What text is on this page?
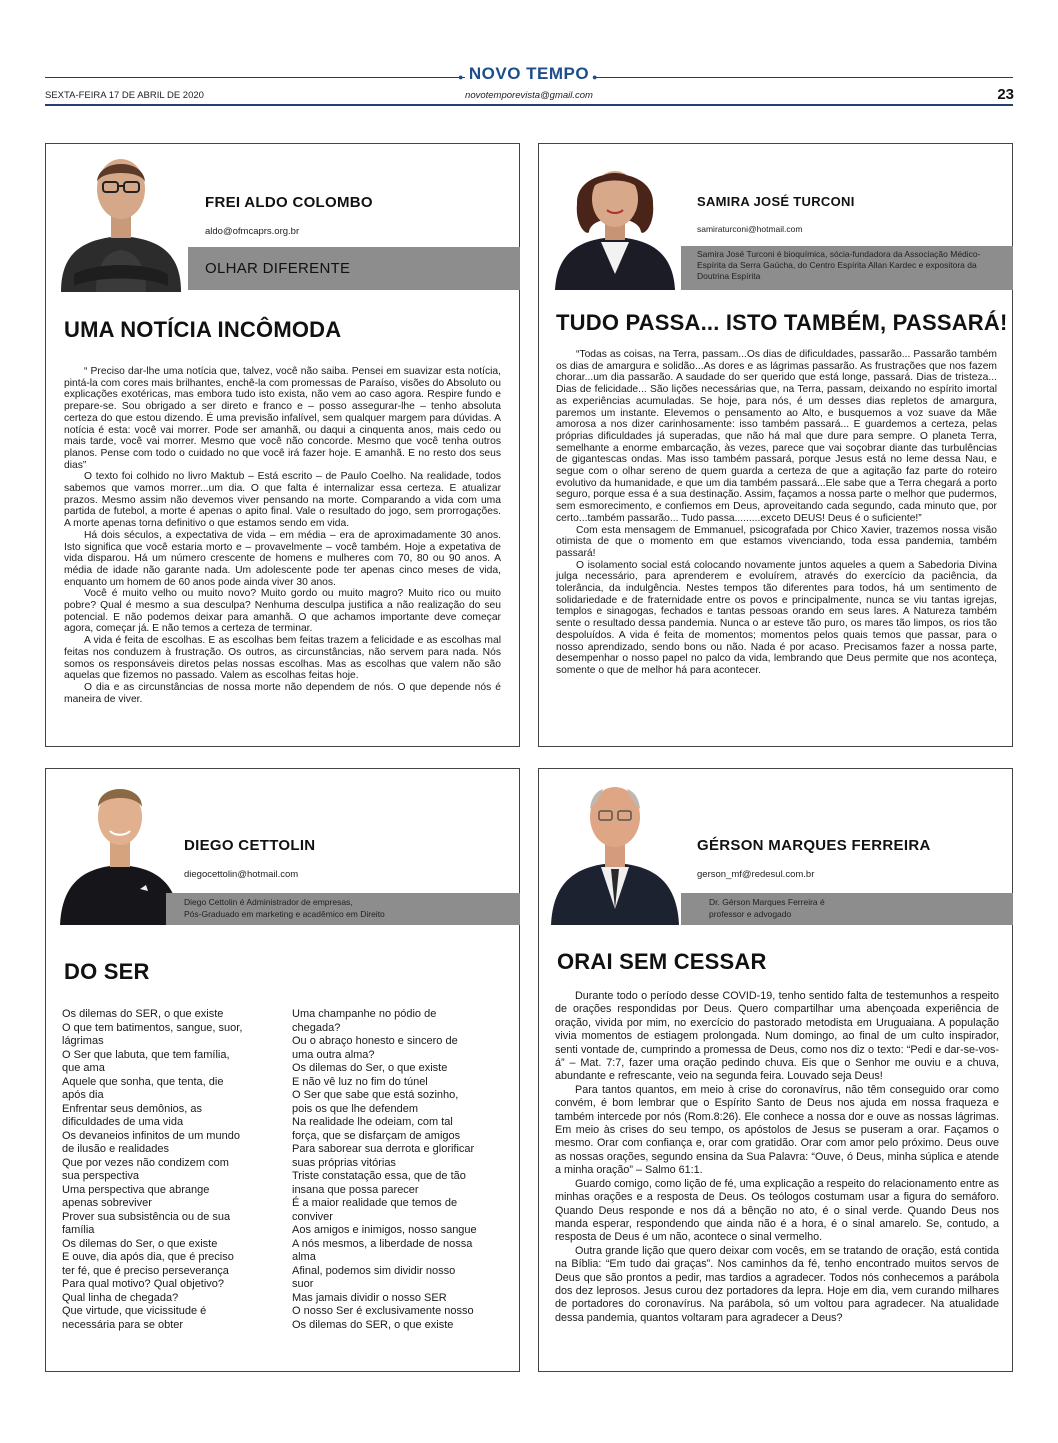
●	●
NOVO TEMPO
SEXTA-FEIRA 17 DE ABRIL DE 2020	novotemporevista@gmail.com	23
FREI ALDO COLOMBO
aldo@ofmcaprs.org.br
OLHAR DIFERENTE
UMA NOTÍCIA INCÔMODA

“ Preciso dar-lhe uma notícia que, talvez, você não saiba. Pensei em suavizar esta notícia, pintá-la com cores mais brilhantes, enchê-la com promessas de Paraíso, visões do Absoluto ou explicações exotéricas, mas embora tudo isto exista, não vem ao caso agora. Respire fundo e prepare-se. Sou obrigado a ser direto e franco e – posso assegurar-lhe – tenho absoluta certeza do que estou dizendo. É uma previsão infalível, sem qualquer margem para dúvidas. A notícia é esta: você vai morrer. Pode ser amanhã, ou daqui a cinquenta anos, mais cedo ou mais tarde, você vai morrer. Mesmo que você não concorde. Mesmo que você tenha outros planos. Pense com todo o cuidado no que você irá fazer hoje. E amanhã. E no resto dos seus dias”

O texto foi colhido no livro Maktub – Está escrito – de Paulo Coelho. Na realidade, todos sabemos que vamos morrer...um dia. O que falta é internalizar essa certeza. E atualizar prazos. Mesmo assim não devemos viver pensando na morte. Comparando a vida com uma partida de futebol, a morte é apenas o apito final. Vale o resultado do jogo, sem prorrogações. A morte apenas torna definitivo o que estamos sendo em vida.

Há dois séculos, a expectativa de vida – em média – era de aproximadamente 30 anos. Isto significa que você estaria morto e – provavelmente – você também. Hoje a expetativa de vida disparou. Há um número crescente de homens e mulheres com 70, 80 ou 90 anos. A média de idade não garante nada. Um adolescente pode ter apenas cinco meses de vida, enquanto um homem de 60 anos pode ainda viver 30 anos.

Você é muito velho ou muito novo? Muito gordo ou muito magro? Muito rico ou muito pobre? Qual é mesmo a sua desculpa? Nenhuma desculpa justifica a não realização do seu potencial. E não podemos deixar para amanhã. O que achamos importante deve começar agora, começar já. E não temos a certeza de terminar.

A vida é feita de escolhas. E as escolhas bem feitas trazem a felicidade e as escolhas mal feitas nos conduzem à frustração. Os outros, as circunstâncias, não servem para nada. Nós somos os responsáveis diretos pelas nossas escolhas. Mas as escolhas que valem não são aquelas que fizemos no passado. Valem as escolhas feitas hoje.

O dia e as circunstâncias de nossa morte não dependem de nós. O que depende nós é maneira de viver.

SAMIRA JOSÉ TURCONI
samiraturconi@hotmail.com
Samira José Turconi é bioquímica, sócia-fundadora da Associação Médico-Espírita da Serra Gaúcha, do Centro Espírita Allan Kardec e expositora da Doutrina Espírita
TUDO PASSA... ISTO TAMBÉM, PASSARÁ!

“Todas as coisas, na Terra, passam...Os dias de dificuldades, passarão... Passarão também os dias de amargura e solidão...As dores e as lágrimas passarão. As frustrações que nos fazem chorar...um dia passarão. A saudade do ser querido que está longe, passará. Dias de tristeza... Dias de felicidade... São lições necessárias que, na Terra, passam, deixando no espírito imortal as experiências acumuladas. Se hoje, para nós, é um desses dias repletos de amargura, paremos um instante. Elevemos o pensamento ao Alto, e busquemos a voz suave da Mãe amorosa a nos dizer carinhosamente: isso também passará... E guardemos a certeza, pelas próprias dificuldades já superadas, que não há mal que dure para sempre. O planeta Terra, semelhante a enorme embarcação, às vezes, parece que vai soçobrar diante das turbulências de gigantescas ondas. Mas isso também passará, porque Jesus está no leme dessa Nau, e segue com o olhar sereno de quem guarda a certeza de que a agitação faz parte do roteiro evolutivo da humanidade, e que um dia também passará...Ele sabe que a Terra chegará a porto seguro, porque essa é a sua destinação. Assim, façamos a nossa parte o melhor que pudermos, sem esmorecimento, e confiemos em Deus, aproveitando cada segundo, cada minuto que, por certo...também passarão... Tudo passa.........exceto DEUS! Deus é o suficiente!”

Com esta mensagem de Emmanuel, psicografada por Chico Xavier, trazemos nossa visão otimista de que o momento em que estamos vivenciando, toda essa pandemia, também passará!

O isolamento social está colocando novamente juntos aqueles a quem a Sabedoria Divina julga necessário, para aprenderem e evoluírem, através do exercício da paciência, da tolerância, da indulgência. Nestes tempos tão diferentes para todos, há um sentimento de solidariedade e de fraternidade entre os povos e principalmente, nunca se viu tantas igrejas, templos e sinagogas, fechados e tantas pessoas orando em seus lares. A Natureza também sente o resultado dessa pandemia. Nunca o ar esteve tão puro, os mares tão limpos, os rios tão despoluídos. A vida é feita de momentos; momentos pelos quais temos que passar, para o nosso aprendizado, sendo bons ou não. Nada é por acaso. Precisamos fazer a nossa parte, desempenhar o nosso papel no palco da vida, lembrando que Deus permite que nos aconteça, somente o que de melhor há para acontecer.

DIEGO CETTOLIN
diegocettolin@hotmail.com
Diego Cettolin é Administrador de empresas,
Pós-Graduado em marketing e acadêmico em Direito
DO SER
Os dilemas do SER, o que existe
O que tem batimentos, sangue, suor,
lágrimas
O Ser que labuta, que tem família,
que ama
Aquele que sonha, que tenta, die
após dia
Enfrentar seus demônios, as
dificuldades de uma vida
Os devaneios infinitos de um mundo
de ilusão e realidades
Que por vezes não condizem com
sua perspectiva
Uma perspectiva que abrange
apenas sobreviver
Prover sua subsistência ou de sua
família
Os dilemas do Ser, o que existe
E ouve, dia após dia, que é preciso
ter fé, que é preciso perseverança
Para qual motivo? Qual objetivo?
Qual linha de chegada?
Que virtude, que vicissitude é
necessária para se obter
Uma champanhe no pódio de
chegada?
Ou o abraço honesto e sincero de
uma outra alma?
Os dilemas do Ser, o que existe
E não vê luz no fim do túnel
O Ser que sabe que está sozinho,
pois os que lhe defendem
Na realidade lhe odeiam, com tal
força, que se disfarçam de amigos
Para saborear sua derrota e glorificar
suas próprias vitórias
Triste constatação essa, que de tão
insana que possa parecer
É a maior realidade que temos de
conviver
Aos amigos e inimigos, nosso sangue
A nós mesmos, a liberdade de nossa
alma
Afinal, podemos sim dividir nosso
suor
Mas jamais dividir o nosso SER
O nosso Ser é exclusivamente nosso
Os dilemas do SER, o que existe
GÉRSON MARQUES FERREIRA
gerson_mf@redesul.com.br
Dr. Gérson Marques Ferreira é
professor e advogado
ORAI SEM CESSAR

Durante todo o período desse COVID-19, tenho sentido falta de testemunhos a respeito de orações respondidas por Deus. Quero compartilhar uma abençoada experiência de oração, vivida por mim, no exercício do pastorado metodista em Uruguaiana. A população vivia momentos de estiagem prolongada. Num domingo, ao final de um culto inspirador, senti vontade de, cumprindo a promessa de Deus, como nos diz o texto: “Pedi e dar-se-vos-á” – Mat. 7:7, fazer uma oração pedindo chuva. Eis que o Senhor me ouviu e a chuva, abundante e refrescante, veio na segunda feira. Louvado seja Deus!

Para tantos quantos, em meio à crise do coronavírus, não têm conseguido orar como convém, é bom lembrar que o Espírito Santo de Deus nos ajuda em nossa fraqueza e também intercede por nós (Rom.8:26). Ele conhece a nossa dor e ouve as nossas lágrimas. Em meio às crises do seu tempo, os apóstolos de Jesus se puseram a orar. Façamos o mesmo. Orar com confiança e, orar com gratidão. Orar com amor pelo próximo. Deus ouve as nossas orações, segundo ensina da Sua Palavra: “Ouve, ó Deus, minha súplica e atende a minha oração” – Salmo 61:1.

Guardo comigo, como lição de fé, uma explicação a respeito do relacionamento entre as minhas orações e a resposta de Deus. Os teólogos costumam usar a figura do semáforo. Quando Deus responde e nos dá a bênção no ato, é o sinal verde. Quando Deus nos manda esperar, respondendo que ainda não é a hora, é o sinal amarelo. Se, contudo, a resposta de Deus é um não, acontece o sinal vermelho.

Outra grande lição que quero deixar com vocês, em se tratando de oração, está contida na Bíblia: “Em tudo dai graças”. Nos caminhos da fé, tenho encontrado muitos servos de Deus que são prontos a pedir, mas tardios a agradecer. Todos nós conhecemos a parábola dos dez leprosos. Jesus curou dez portadores da lepra. Hoje em dia, vem curando milhares de portadores do coronavírus. Na parábola, só um voltou para agradecer. Na atualidade dessa pandemia, quantos voltaram para agradecer a Deus?
